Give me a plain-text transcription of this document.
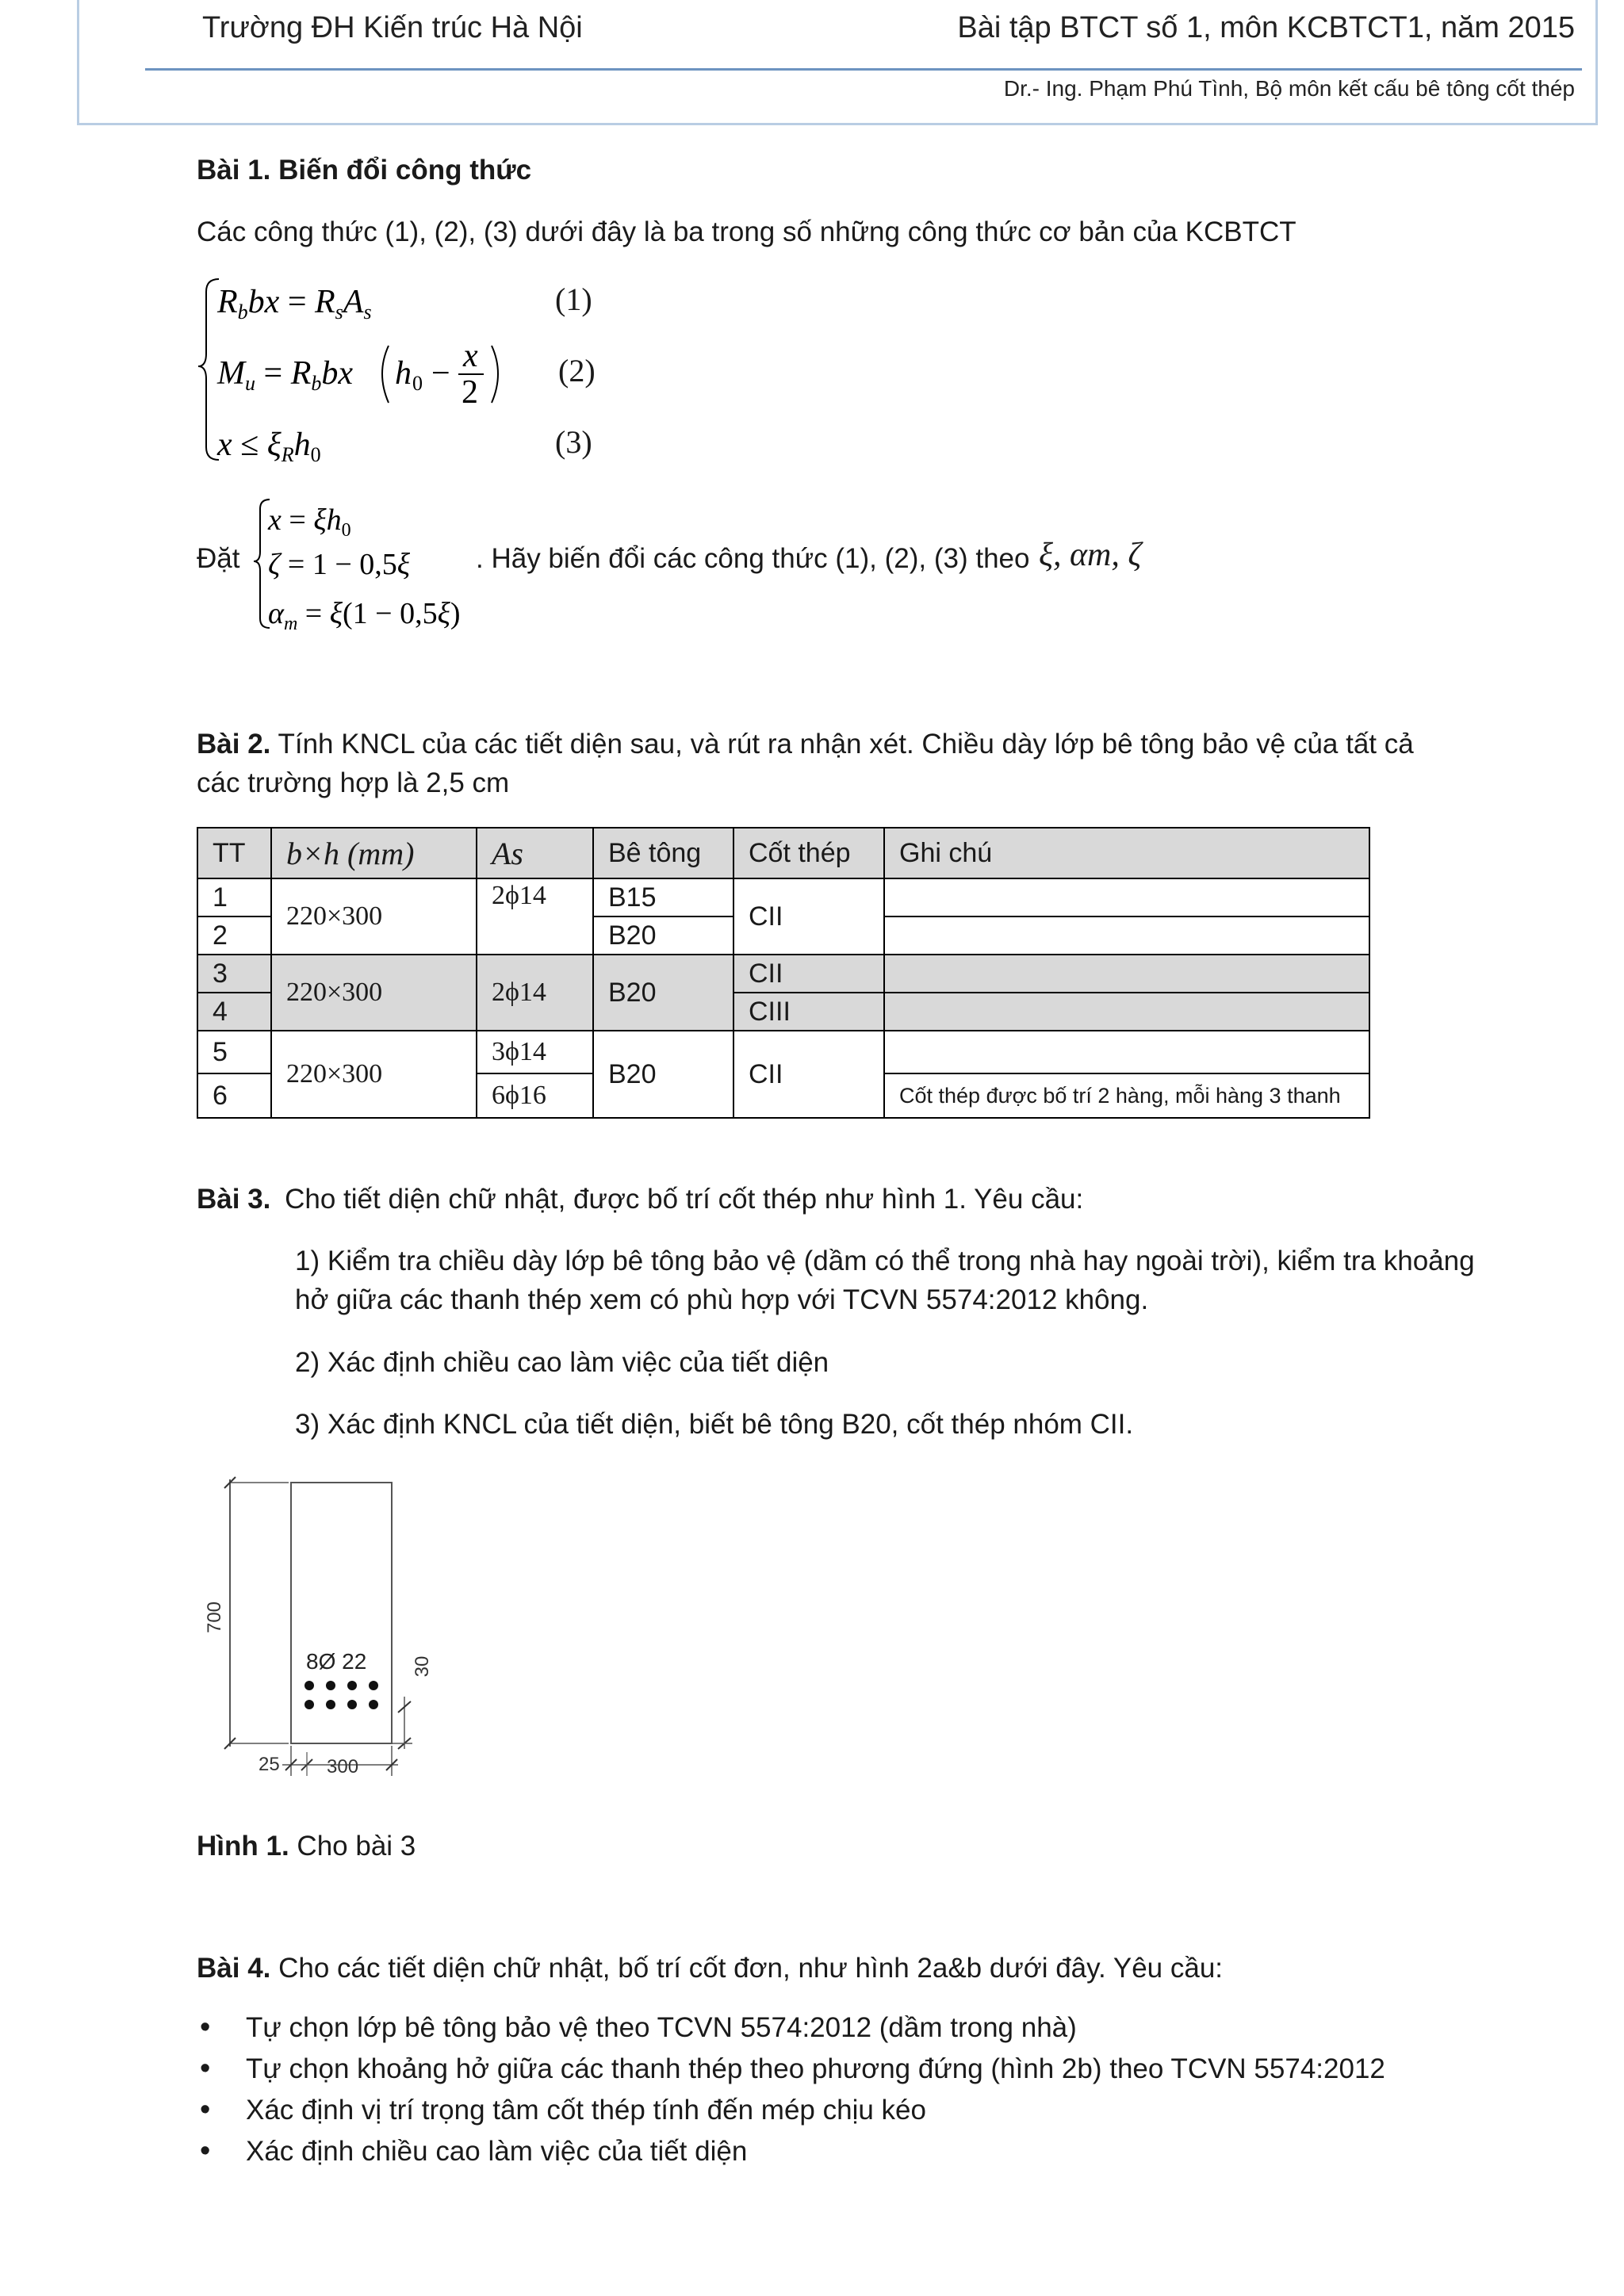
Trường ĐH Kiến trúc Hà Nội	Bài tập BTCT số 1, môn KCBTCT1, năm 2015
Dr.- Ing. Phạm Phú Tình, Bộ môn kết cấu bê tông cốt thép
Bài 1. Biến đổi công thức
Các công thức (1), (2), (3) dưới đây là ba trong số những công thức cơ bản của KCBTCT
Rbbx = RsAs
Mu = Rbbx h 0 − x
2
x ≤ ξRh0
(1)
(2)
(3)
Đặt
$x = \xi h_0$
ζ = 1 − 0,5ξ
$\alpha_m = \xi(1 - 0,5\xi)$
. Hãy biến đổi các công thức (1), (2), (3) theo ξ, αm, ζ
Bài 2. Tính KNCL của các tiết diện sau, và rút ra nhận xét. Chiều dày lớp bê tông bảo vệ của tất cả các trường hợp là 2,5 cm
TT	b×h (mm)	As	Bê tông	Cốt thép	Ghi chú
1	220×300	2ϕ14	B15	CII	
2			B20		
3	220×300	2ϕ14	B20	CII	
4				CIII	
5	220×300	3ϕ14	B20	CII	
6		6ϕ16			Cốt thép được bố trí 2 hàng, mỗi hàng 3 thanh
Bài 3. Cho tiết diện chữ nhật, được bố trí cốt thép như hình 1. Yêu cầu:
1) Kiểm tra chiều dày lớp bê tông bảo vệ (dầm có thể trong nhà hay ngoài trời), kiểm tra khoảng hở giữa các thanh thép xem có phù hợp với TCVN 5574:2012 không.
2) Xác định chiều cao làm việc của tiết diện
3) Xác định KNCL của tiết diện, biết bê tông B20, cốt thép nhóm CII.
700
8Ø 22 30
25 300
Hình 1. Cho bài 3
Bài 4. Cho các tiết diện chữ nhật, bố trí cốt đơn, như hình 2a&b dưới đây. Yêu cầu:
• Tự chọn lớp bê tông bảo vệ theo TCVN 5574:2012 (dầm trong nhà)
• Tự chọn khoảng hở giữa các thanh thép theo phương đứng (hình 2b) theo TCVN 5574:2012
• Xác định vị trí trọng tâm cốt thép tính đến mép chịu kéo
• Xác định chiều cao làm việc của tiết diện
